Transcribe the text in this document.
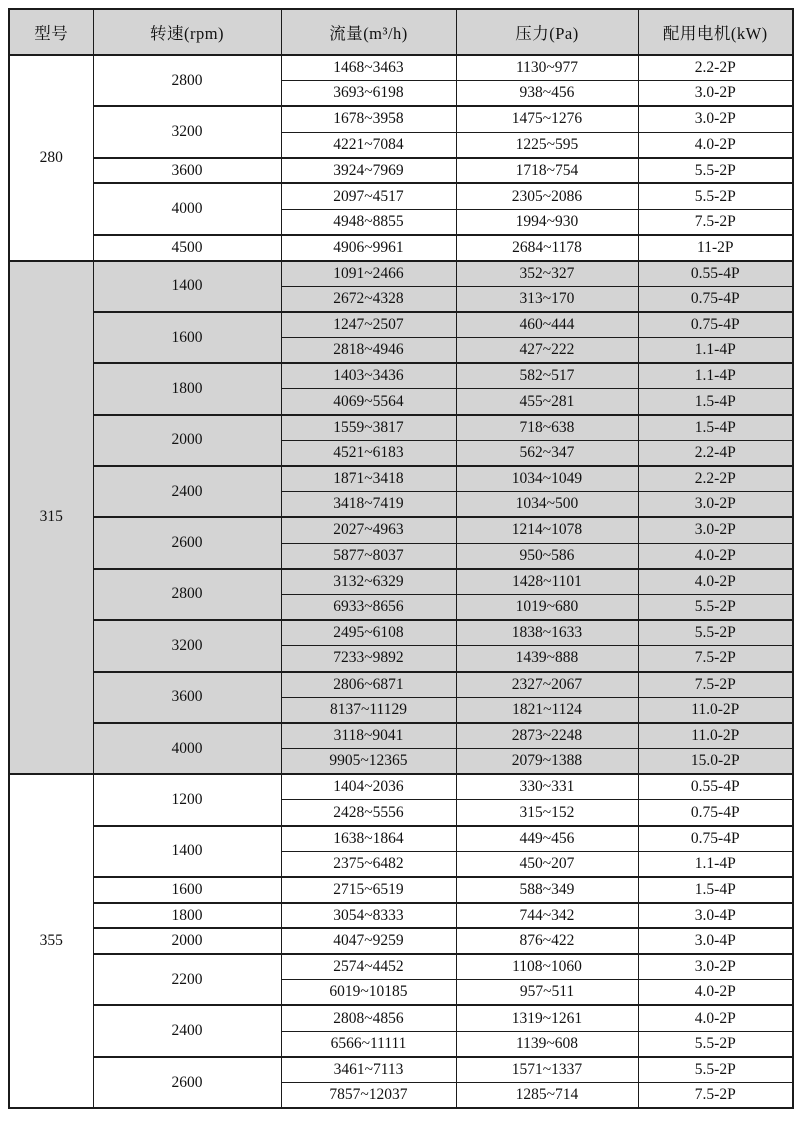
型号	转速(rpm)	流量(m³/h)	压力(Pa)	配用电机(kW)
280	2800	1468~3463	1130~977	2.2-2P
		3693~6198	938~456	3.0-2P
	3200	1678~3958	1475~1276	3.0-2P
		4221~7084	1225~595	4.0-2P
	3600	3924~7969	1718~754	5.5-2P
	4000	2097~4517	2305~2086	5.5-2P
		4948~8855	1994~930	7.5-2P
	4500	4906~9961	2684~1178	11-2P
315	1400	1091~2466	352~327	0.55-4P
		2672~4328	313~170	0.75-4P
	1600	1247~2507	460~444	0.75-4P
		2818~4946	427~222	1.1-4P
	1800	1403~3436	582~517	1.1-4P
		4069~5564	455~281	1.5-4P
	2000	1559~3817	718~638	1.5-4P
		4521~6183	562~347	2.2-4P
	2400	1871~3418	1034~1049	2.2-2P
		3418~7419	1034~500	3.0-2P
	2600	2027~4963	1214~1078	3.0-2P
		5877~8037	950~586	4.0-2P
	2800	3132~6329	1428~1101	4.0-2P
		6933~8656	1019~680	5.5-2P
	3200	2495~6108	1838~1633	5.5-2P
		7233~9892	1439~888	7.5-2P
	3600	2806~6871	2327~2067	7.5-2P
		8137~11129	1821~1124	11.0-2P
	4000	3118~9041	2873~2248	11.0-2P
		9905~12365	2079~1388	15.0-2P
355	1200	1404~2036	330~331	0.55-4P
		2428~5556	315~152	0.75-4P
	1400	1638~1864	449~456	0.75-4P
		2375~6482	450~207	1.1-4P
	1600	2715~6519	588~349	1.5-4P
	1800	3054~8333	744~342	3.0-4P
	2000	4047~9259	876~422	3.0-4P
	2200	2574~4452	1108~1060	3.0-2P
		6019~10185	957~511	4.0-2P
	2400	2808~4856	1319~1261	4.0-2P
		6566~11111	1139~608	5.5-2P
	2600	3461~7113	1571~1337	5.5-2P
		7857~12037	1285~714	7.5-2P
